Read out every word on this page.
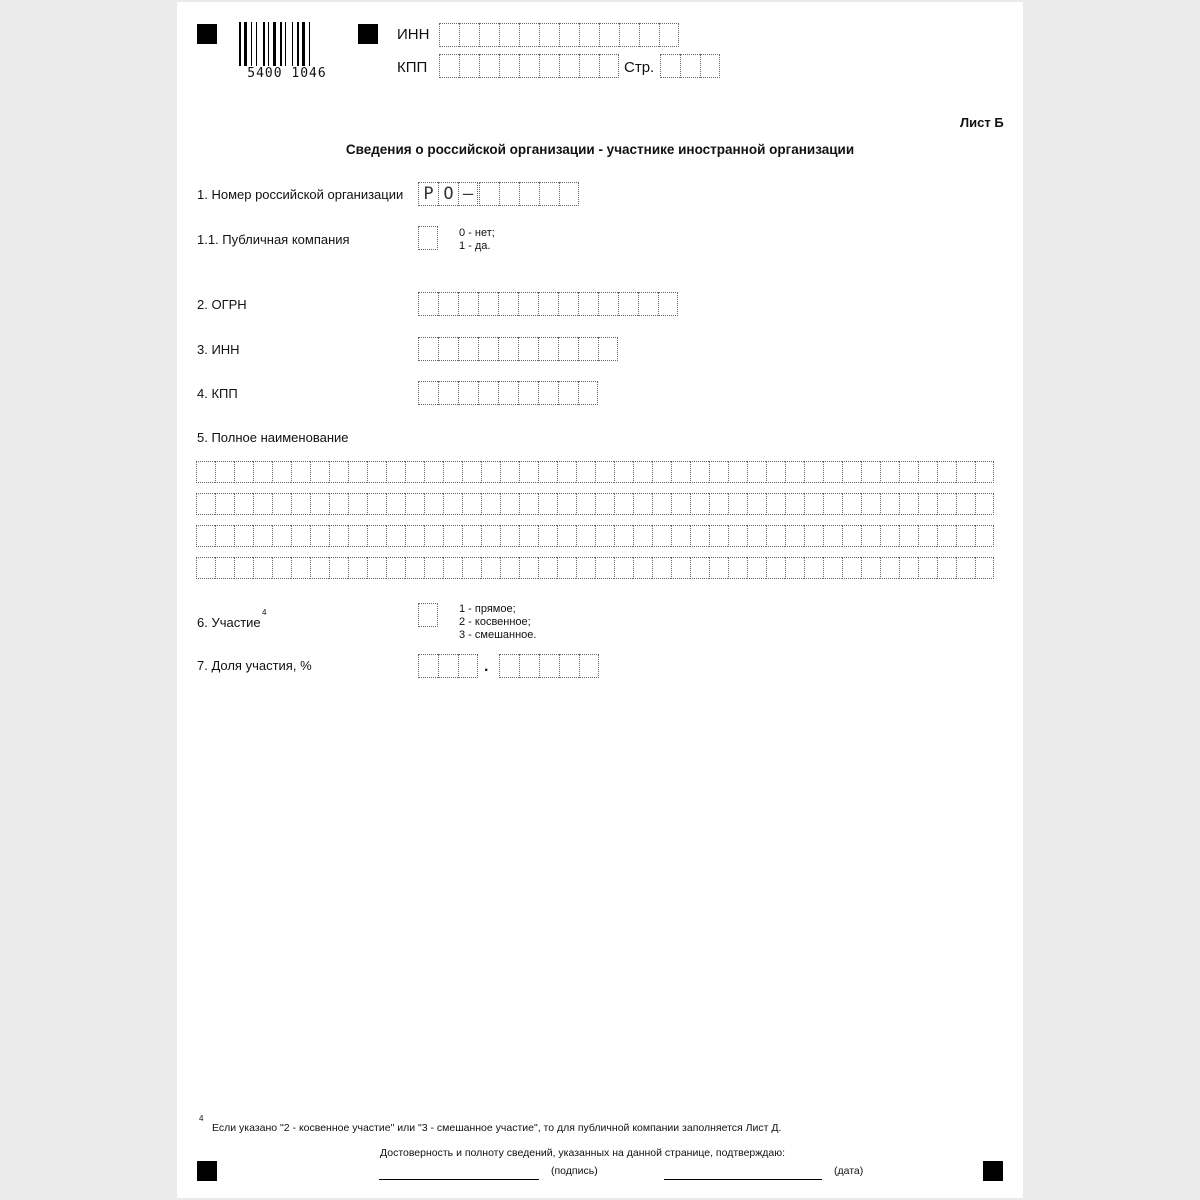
5400 1046
ИНН
КПП	Стр.
Лист Б
Сведения о российской организации - участнике иностранной организации
1. Номер российской организации	Р О –
1.1. Публичная компания	0 - нет;
1 - да.
2. ОГРН
3. ИНН
4. КПП
5. Полное наименование
6. Участие
4	1 - прямое;
2 - косвенное;
3 - смешанное.
7. Доля участия, %	.
4
Если указано "2 - косвенное участие" или "3 - смешанное участие", то для публичной компании заполняется Лист Д.
Достоверность и полноту сведений, указанных на данной странице, подтверждаю:
(подпись)	(дата)
